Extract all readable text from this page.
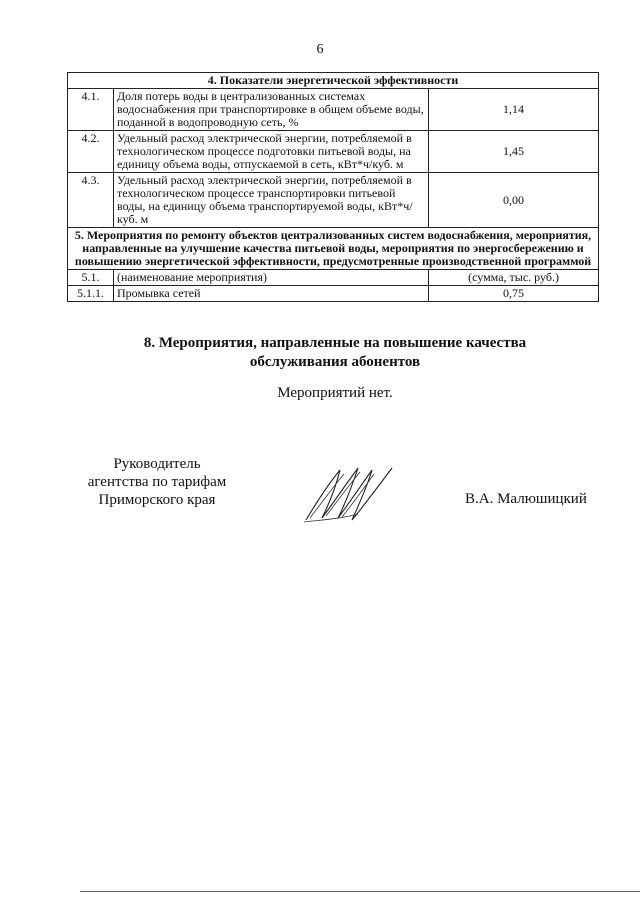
6
4. Показатели энергетической эффективности		
4.1.	Доля потерь воды в централизованных системах водоснабжения при транспортировке в общем объеме воды, поданной в водопроводную сеть, %	1,14
4.2.	Удельный расход электрической энергии, потребляемой в технологическом процессе подготовки питьевой воды, на единицу объема воды, отпускаемой в сеть, кВт*ч/куб. м	1,45
4.3.	Удельный расход электрической энергии, потребляемой в технологическом процессе транспортировки питьевой воды, на единицу объема транспортируемой воды, кВт*ч/куб. м	0,00
5. Мероприятия по ремонту объектов централизованных систем водоснабжения, мероприятия, направленные на улучшение качества питьевой воды, мероприятия по энергосбережению и повышению энергетической эффективности, предусмотренные производственной программой		
5.1.	(наименование мероприятия)	(сумма, тыс. руб.)
5.1.1.	Промывка сетей	0,75
8. Мероприятия, направленные на повышение качества
обслуживания абонентов
Мероприятий нет.
Руководитель
агентства по тарифам
Приморского края	В.А. Малюшицкий
